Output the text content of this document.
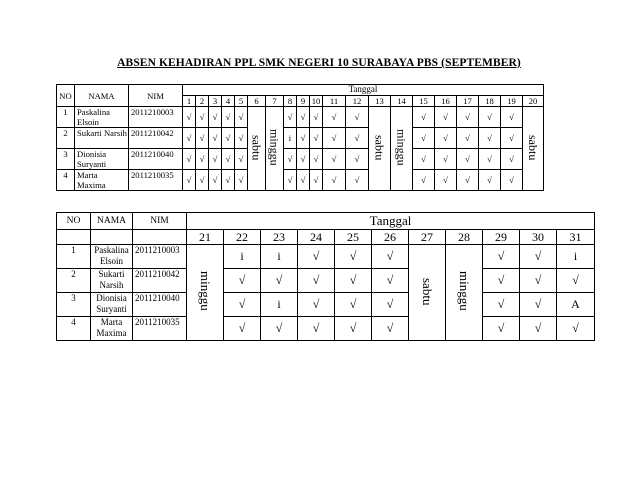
ABSEN KEHADIRAN PPL SMK NEGERI 10 SURABAYA PBS (SEPTEMBER)
NO	NAMA	NIM	Tanggal																			
			1	2	3	4	5	6	7	8	9	10	11	12	13	14	15	16	17	18	19	20
1	Paskalina Elsoin	2011210003	√	√	√	√	√	sabtu	minggu	√	√	√	√	√	sabtu	minggu	√	√	√	√	√	sabtu
2	Sukarti Narsih	2011210042	√	√	√	√	√			i	√	√	√	√			√	√	√	√	√	
3	Dionisia Suryanti	2011210040	√	√	√	√	√			√	√	√	√	√			√	√	√	√	√	
4	Marta Maxima	2011210035	√	√	√	√	√			√	√	√	√	√			√	√	√	√	√	
NO	NAMA	NIM	Tanggal										
			21	22	23	24	25	26	27	28	29	30	31
1	Paskalina Elsoin	2011210003	minggu	i	i	√	√	√	sabtu	minggu	√	√	i
2	Sukarti Narsih	2011210042		√	√	√	√	√			√	√	√
3	Dionisia Suryanti	2011210040		√	i	√	√	√			√	√	A
4	Marta Maxima	2011210035		√	√	√	√	√			√	√	√
